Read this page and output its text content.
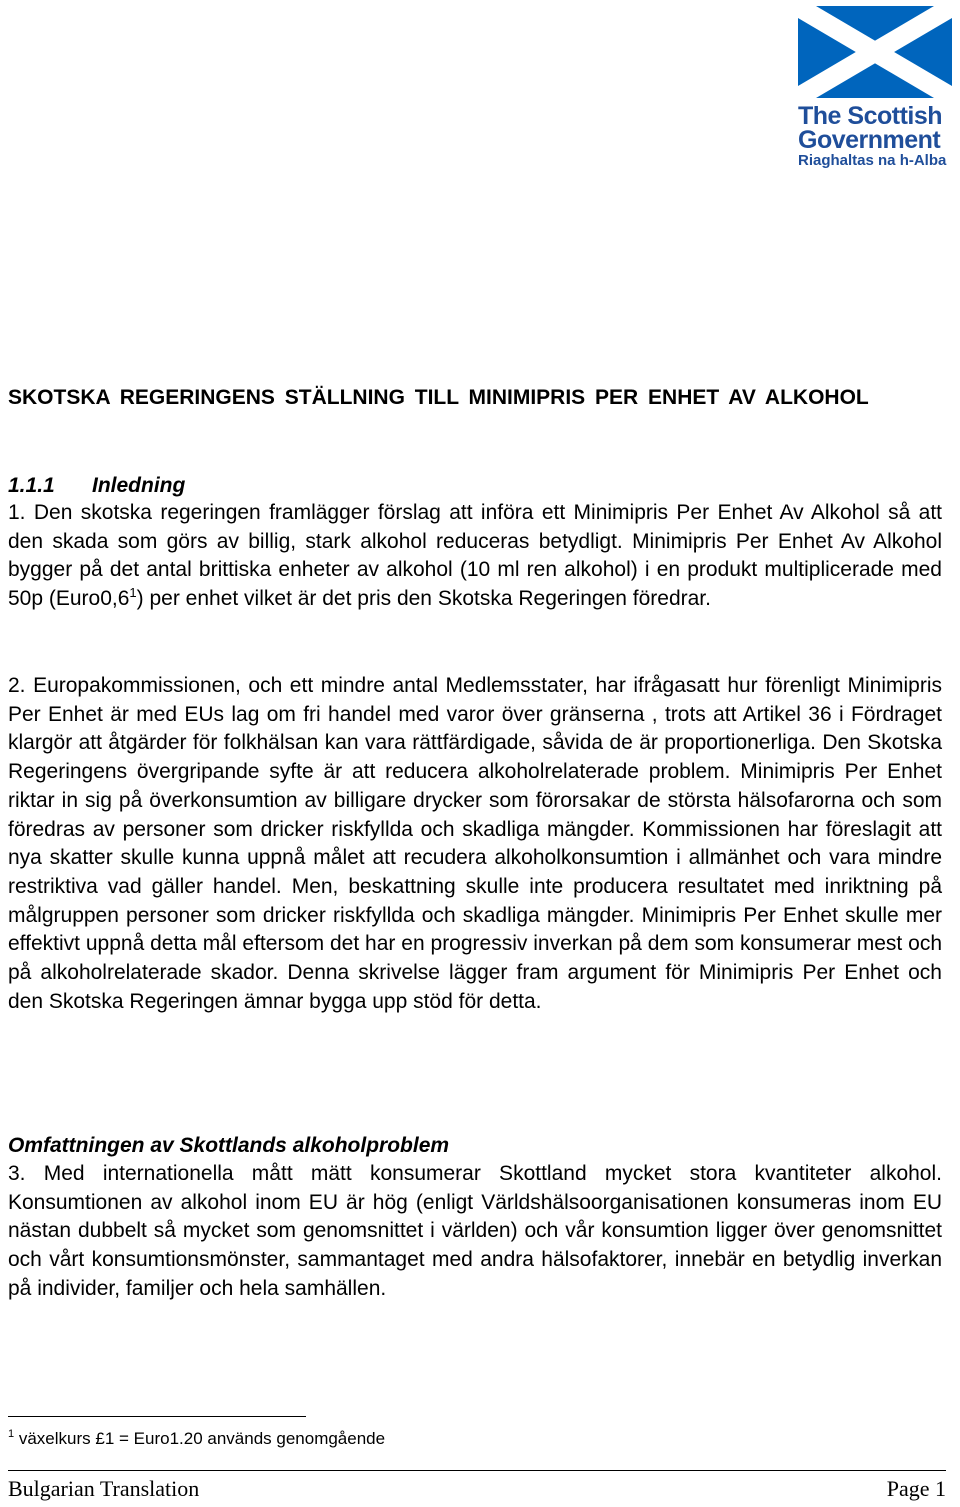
The Scottish
Government
Riaghaltas na h-Alba
SKOTSKA REGERINGENS STÄLLNING TILL MINIMIPRIS PER ENHET AV ALKOHOL
1.1.1 Inledning

1. Den skotska regeringen framlägger förslag att införa ett Minimipris Per Enhet Av Alkohol så att den skada som görs av billig, stark alkohol reduceras betydligt. Minimipris Per Enhet Av Alkohol bygger på det antal brittiska enheter av alkohol (10 ml ren alkohol) i en produkt multiplicerade med 50p $(Euro0,6^1)$ per enhet vilket är det pris den Skotska Regeringen föredrar.

2. Europakommissionen, och ett mindre antal Medlemsstater, har ifrågasatt hur förenligt Minimipris Per Enhet är med EUs lag om fri handel med varor över gränserna , trots att Artikel 36 i Fördraget klargör att åtgärder för folkhälsan kan vara rättfärdigade, såvida de är proportionerliga. Den Skotska Regeringens övergripande syfte är att reducera alkoholrelaterade problem. Minimipris Per Enhet riktar in sig på överkonsumtion av billigare drycker som förorsakar de största hälsofarorna och som föredras av personer som dricker riskfyllda och skadliga mängder. Kommissionen har föreslagit att nya skatter skulle kunna uppnå målet att recudera alkoholkonsumtion i allmänhet och vara mindre restriktiva vad gäller handel. Men, beskattning skulle inte producera resultatet med inriktning på målgruppen personer som dricker riskfyllda och skadliga mängder. Minimipris Per Enhet skulle mer effektivt uppnå detta mål eftersom det har en progressiv inverkan på dem som konsumerar mest och på alkoholrelaterade skador. Denna skrivelse lägger fram argument för Minimipris Per Enhet och den Skotska Regeringen ämnar bygga upp stöd för detta.

Omfattningen av Skottlands alkoholproblem

3. Med internationella mått mätt konsumerar Skottland mycket stora kvantiteter alkohol. Konsumtionen av alkohol inom EU är hög (enligt Världshälsoorganisationen konsumeras inom EU nästan dubbelt så mycket som genomsnittet i världen) och vår konsumtion ligger över genomsnittet och vårt konsumtionsmönster, sammantaget med andra hälsofaktorer, innebär en betydlig inverkan på individer, familjer och hela samhällen.

$^1$ växelkurs £1 = Euro1.20 används genomgående
Bulgarian Translation	Page 1
